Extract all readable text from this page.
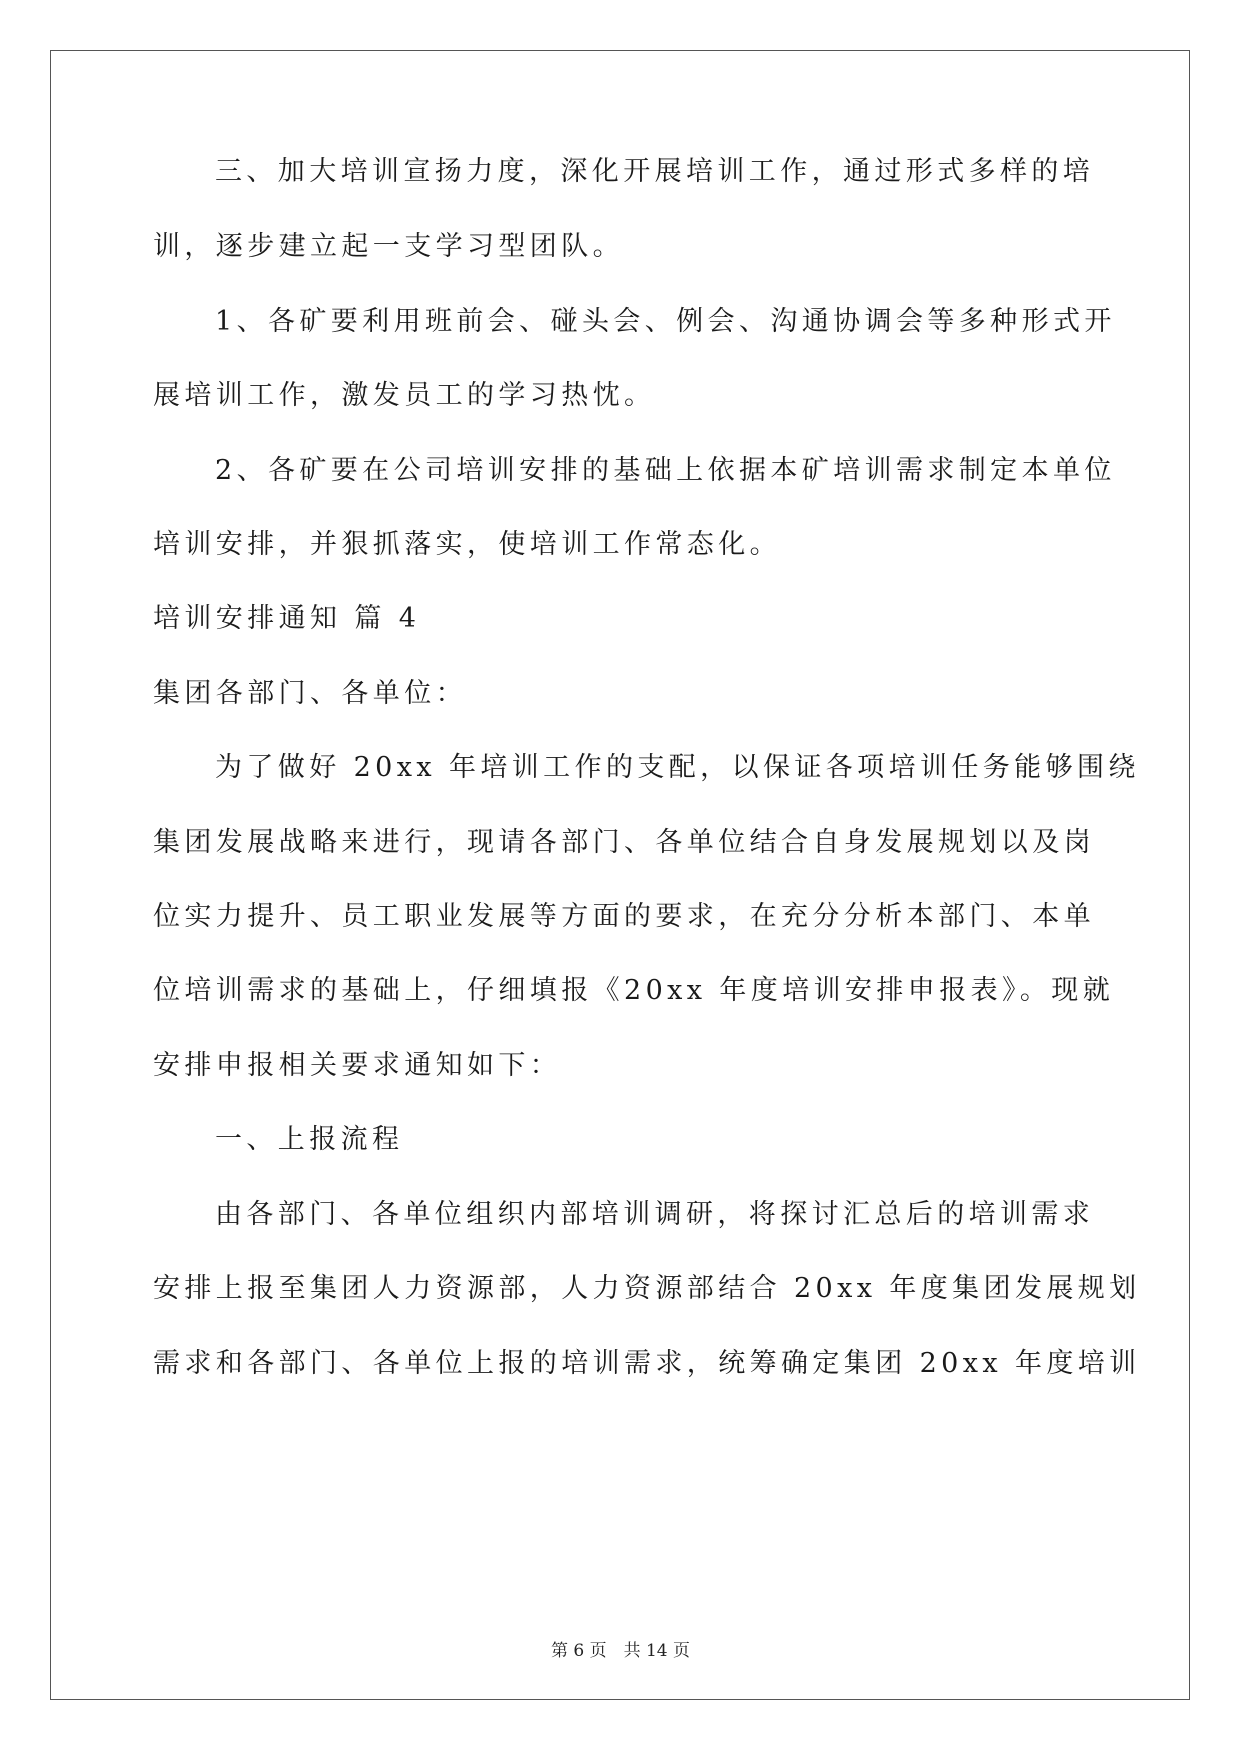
三、加大培训宣扬力度，深化开展培训工作，通过形式多样的培
训，逐步建立起一支学习型团队。
1、各矿要利用班前会、碰头会、例会、沟通协调会等多种形式开
展培训工作，激发员工的学习热忱。
2、各矿要在公司培训安排的基础上依据本矿培训需求制定本单位
培训安排，并狠抓落实，使培训工作常态化。
培训安排通知 篇 4
集团各部门、各单位：
为了做好 20xx 年培训工作的支配，以保证各项培训任务能够围绕
集团发展战略来进行，现请各部门、各单位结合自身发展规划以及岗
位实力提升、员工职业发展等方面的要求，在充分分析本部门、本单
位培训需求的基础上，仔细填报《20xx 年度培训安排申报表》。现就
安排申报相关要求通知如下：
一、上报流程
由各部门、各单位组织内部培训调研，将探讨汇总后的培训需求
安排上报至集团人力资源部，人力资源部结合 20xx 年度集团发展规划
需求和各部门、各单位上报的培训需求，统筹确定集团 20xx 年度培训
第 6 页　共 14 页
